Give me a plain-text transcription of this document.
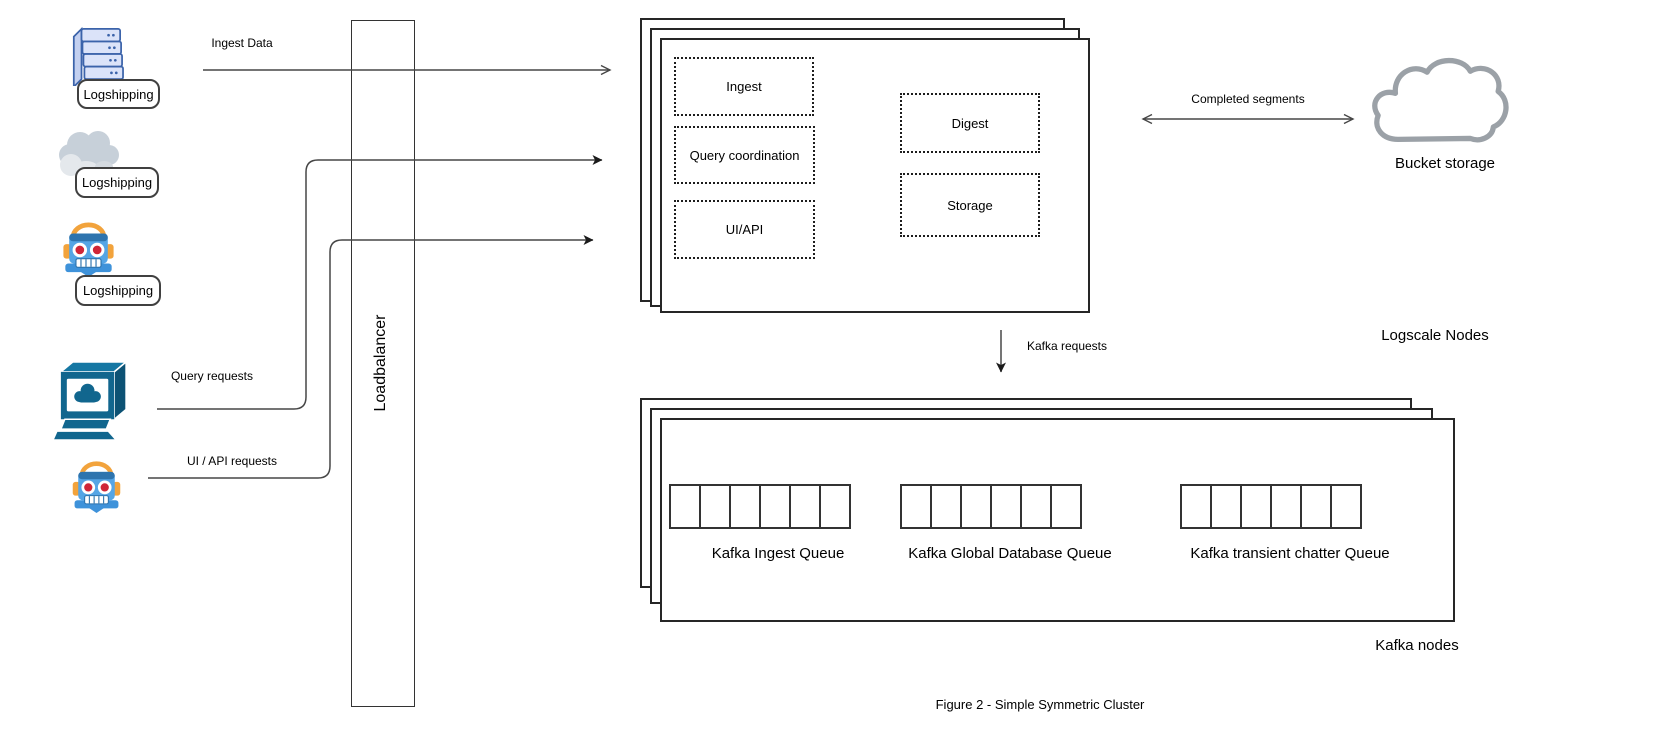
Logshipping
Logshipping
Logshipping
Loadbalancer
Ingest Data
Query requests
UI / API requests
Completed segments
Kafka requests
Ingest
Query coordination
UI/API
Digest
Storage
Logscale Nodes
Bucket storage
Kafka Ingest Queue	Kafka Global Database Queue	Kafka transient chatter Queue
Kafka nodes
Figure 2 - Simple Symmetric Cluster
